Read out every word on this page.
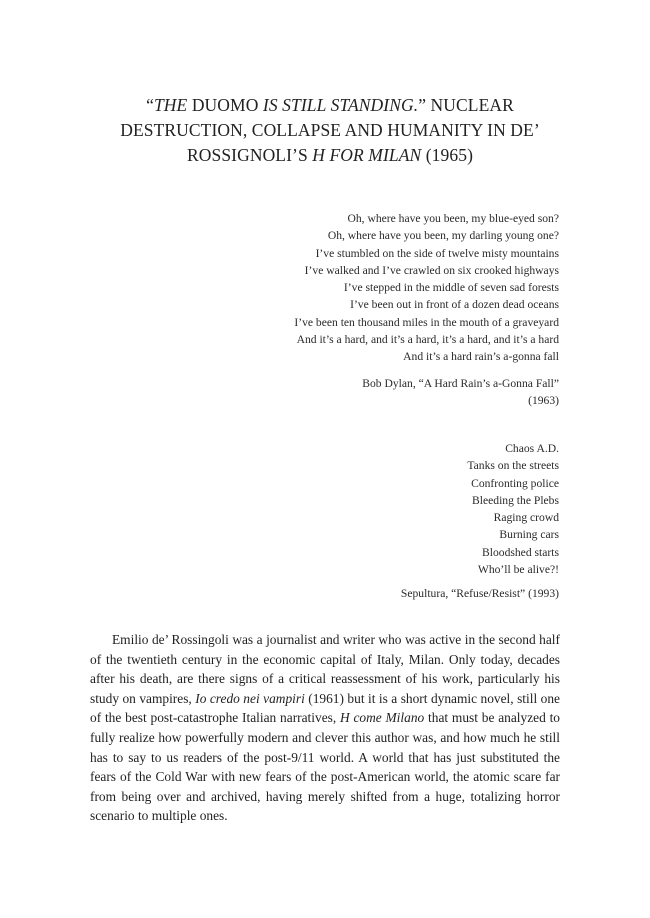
“THE DUOMO IS STILL STANDING.” NUCLEAR
DESTRUCTION, COLLAPSE AND HUMANITY IN DE’
ROSSIGNOLI’S H FOR MILAN (1965)
Oh, where have you been, my blue-eyed son?
Oh, where have you been, my darling young one?
I’ve stumbled on the side of twelve misty mountains
I’ve walked and I’ve crawled on six crooked highways
I’ve stepped in the middle of seven sad forests
I’ve been out in front of a dozen dead oceans
I’ve been ten thousand miles in the mouth of a graveyard
And it’s a hard, and it’s a hard, it’s a hard, and it’s a hard
And it’s a hard rain’s a-gonna fall
Bob Dylan, “A Hard Rain’s a-Gonna Fall”
(1963)
Chaos A.D.
Tanks on the streets
Confronting police
Bleeding the Plebs
Raging crowd
Burning cars
Bloodshed starts
Who’ll be alive?!
Sepultura, “Refuse/Resist” (1993)

Emilio de’ Rossingoli was a journalist and writer who was active in the second half of the twentieth century in the economic capital of Italy, Milan. Only today, decades after his death, are there signs of a critical reassessment of his work, particularly his study on vampires, Io credo nei vampiri (1961) but it is a short dynamic novel, still one of the best post-catastrophe Italian narratives, H come Milano that must be analyzed to fully realize how powerfully modern and clever this author was, and how much he still has to say to us readers of the post-9/11 world. A world that has just substituted the fears of the Cold War with new fears of the post-American world, the atomic scare far from being over and archived, having merely shifted from a huge, totalizing horror scenario to multiple ones.
